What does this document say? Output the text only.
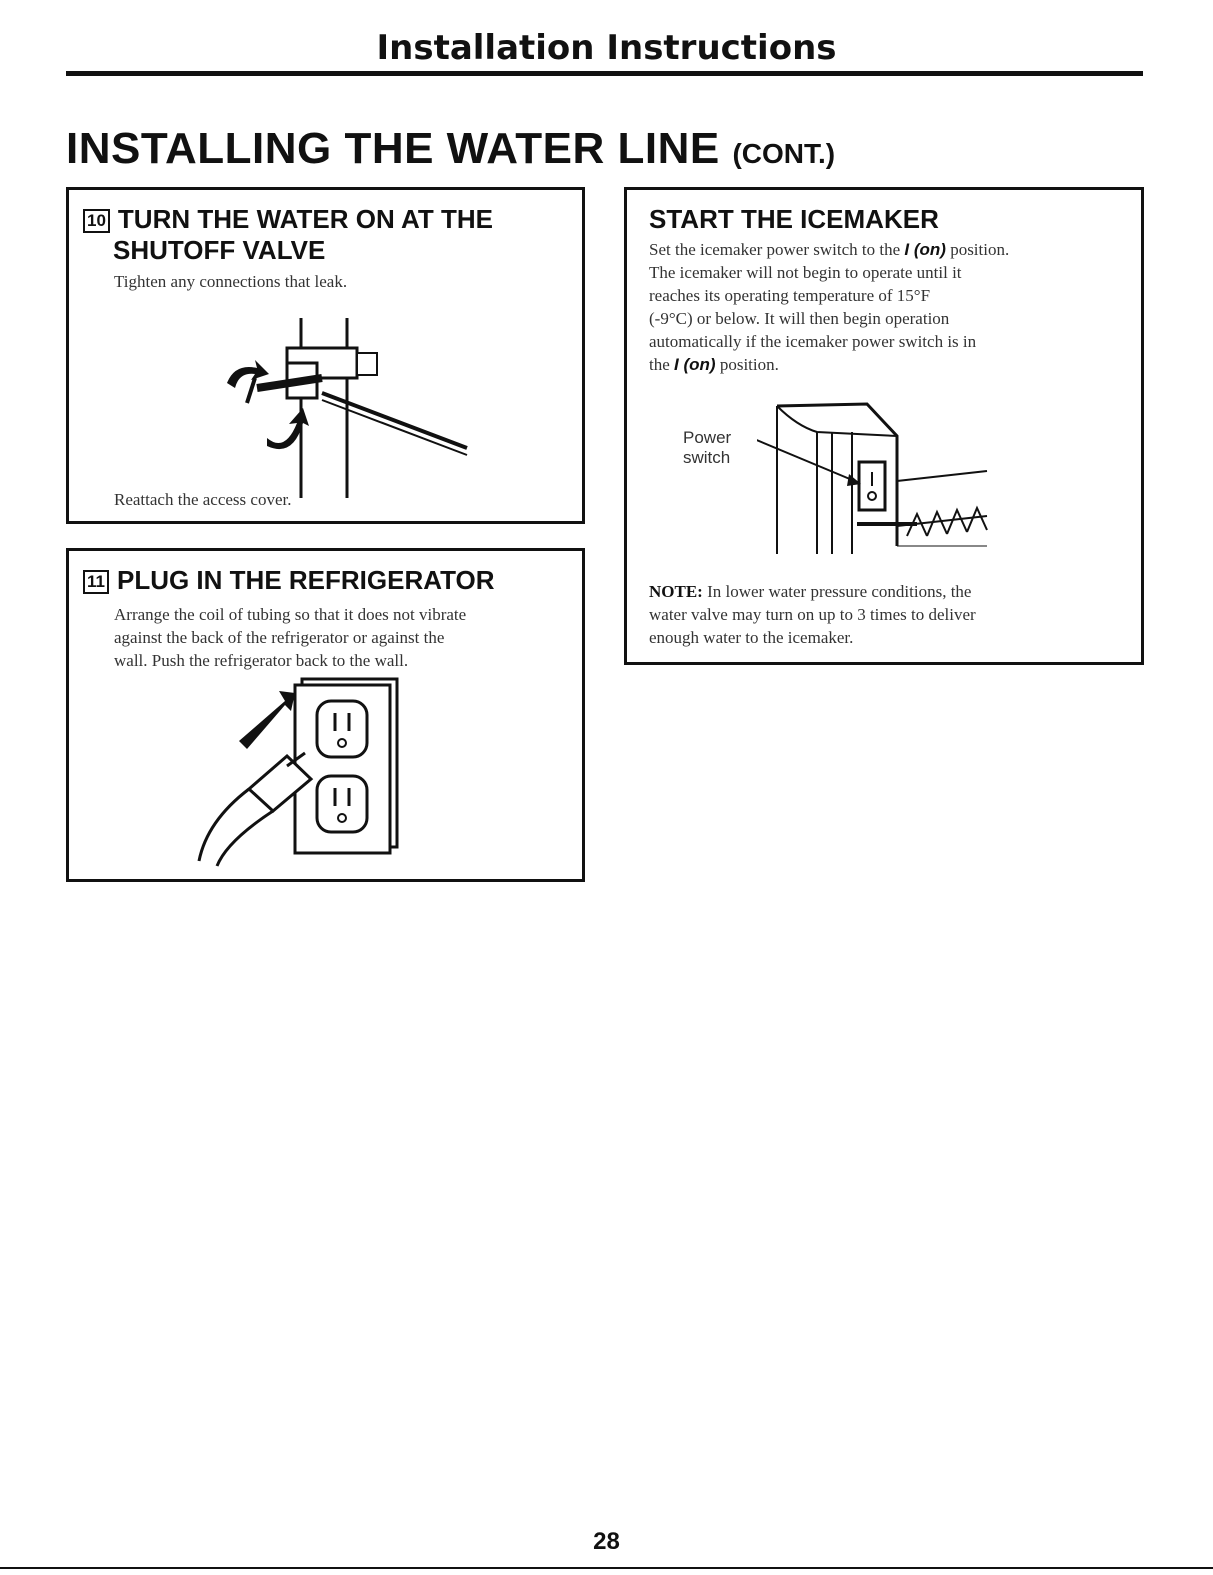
Installation Instructions
INSTALLING THE WATER LINE (CONT.)
10 TURN THE WATER ON AT THE
SHUTOFF VALVE
Tighten any connections that leak.
Reattach the access cover.
11 PLUG IN THE REFRIGERATOR
Arrange the coil of tubing so that it does not vibrate
against the back of the refrigerator or against the
wall. Push the refrigerator back to the wall.
START THE ICEMAKER
Set the icemaker power switch to the I (on) position.
The icemaker will not begin to operate until it
reaches its operating temperature of 15°F
(-9°C) or below. It will then begin operation
automatically if the icemaker power switch is in
the I (on) position.
Power
switch
NOTE: In lower water pressure conditions, the
water valve may turn on up to 3 times to deliver
enough water to the icemaker.
28
